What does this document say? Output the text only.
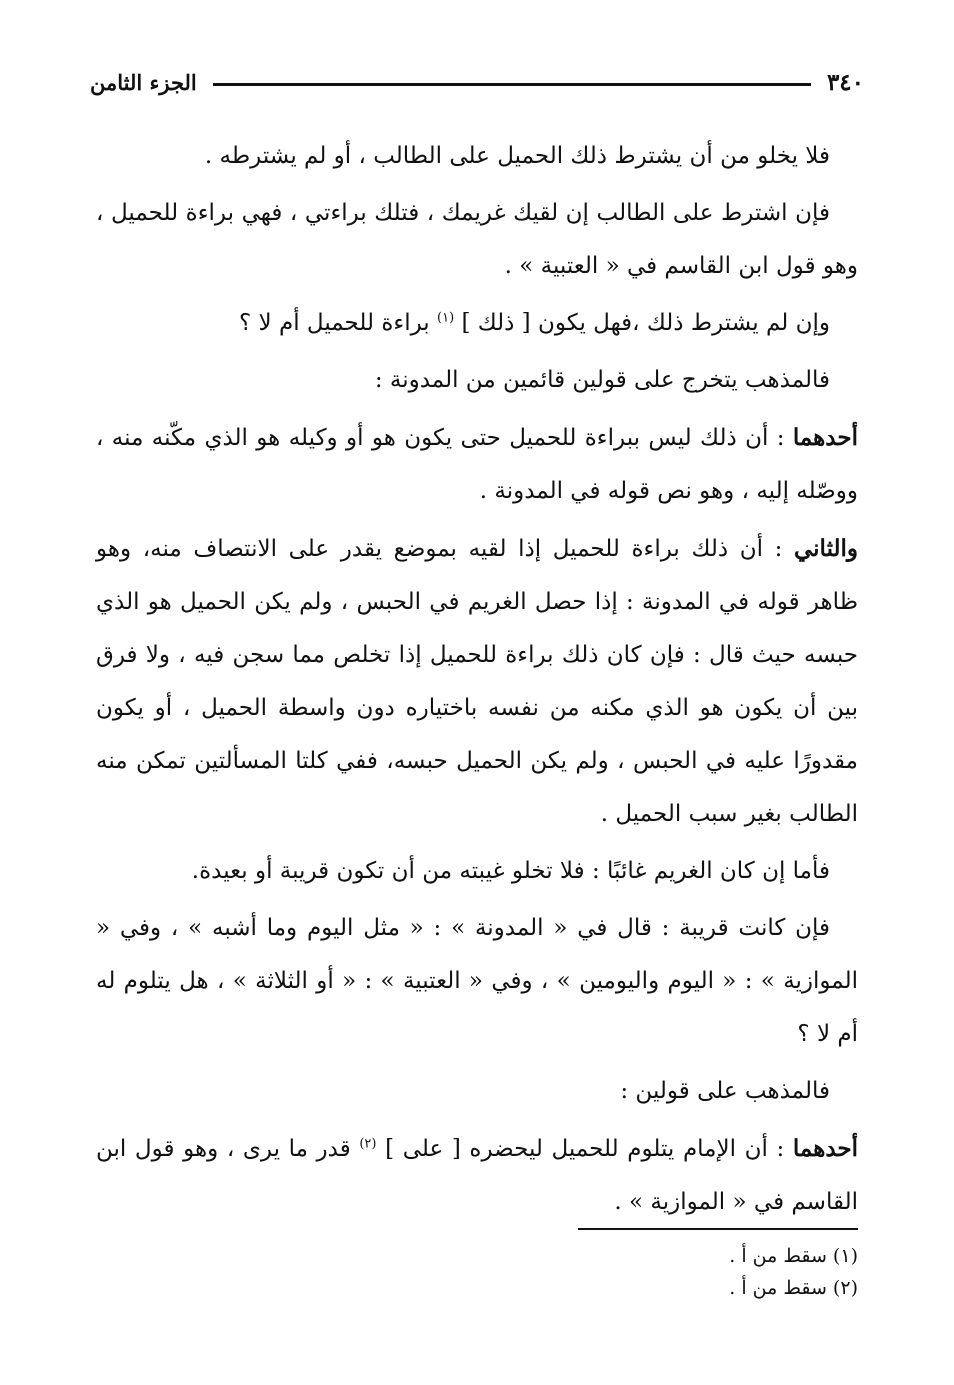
٣٤٠
الجزء الثامن

فلا يخلو من أن يشترط ذلك الحميل على الطالب ، أو لم يشترطه .

فإن اشترط على الطالب إن لقيك غريمك ، فتلك براءتي ، فهي براءة للحميل ، وهو قول ابن القاسم في « العتبية » .

وإن لم يشترط ذلك ،فهل يكون [ ذلك ] $^{(١)}$ براءة للحميل أم لا ؟

فالمذهب يتخرج على قولين قائمين من المدونة :

أحدهما : أن ذلك ليس ببراءة للحميل حتى يكون هو أو وكيله هو الذي مكّنه منه ، ووصّله إليه ، وهو نص قوله في المدونة .

والثاني : أن ذلك براءة للحميل إذا لقيه بموضع يقدر على الانتصاف منه، وهو ظاهر قوله في المدونة : إذا حصل الغريم في الحبس ، ولم يكن الحميل هو الذي حبسه حيث قال : فإن كان ذلك براءة للحميل إذا تخلص مما سجن فيه ، ولا فرق بين أن يكون هو الذي مكنه من نفسه باختياره دون واسطة الحميل ، أو يكون مقدورًا عليه في الحبس ، ولم يكن الحميل حبسه، ففي كلتا المسألتين تمكن منه الطالب بغير سبب الحميل .

فأما إن كان الغريم غائبًا : فلا تخلو غيبته من أن تكون قريبة أو بعيدة.

فإن كانت قريبة : قال في « المدونة » : « مثل اليوم وما أشبه » ، وفي « الموازية » : « اليوم واليومين » ، وفي « العتبية » : « أو الثلاثة » ، هل يتلوم له أم لا ؟

فالمذهب على قولين :

أحدهما : أن الإمام يتلوم للحميل ليحضره [ على ] $^{(٢)}$ قدر ما يرى ، وهو قول ابن القاسم في « الموازية » .

(١) سقط من أ .

(٢) سقط من أ .
